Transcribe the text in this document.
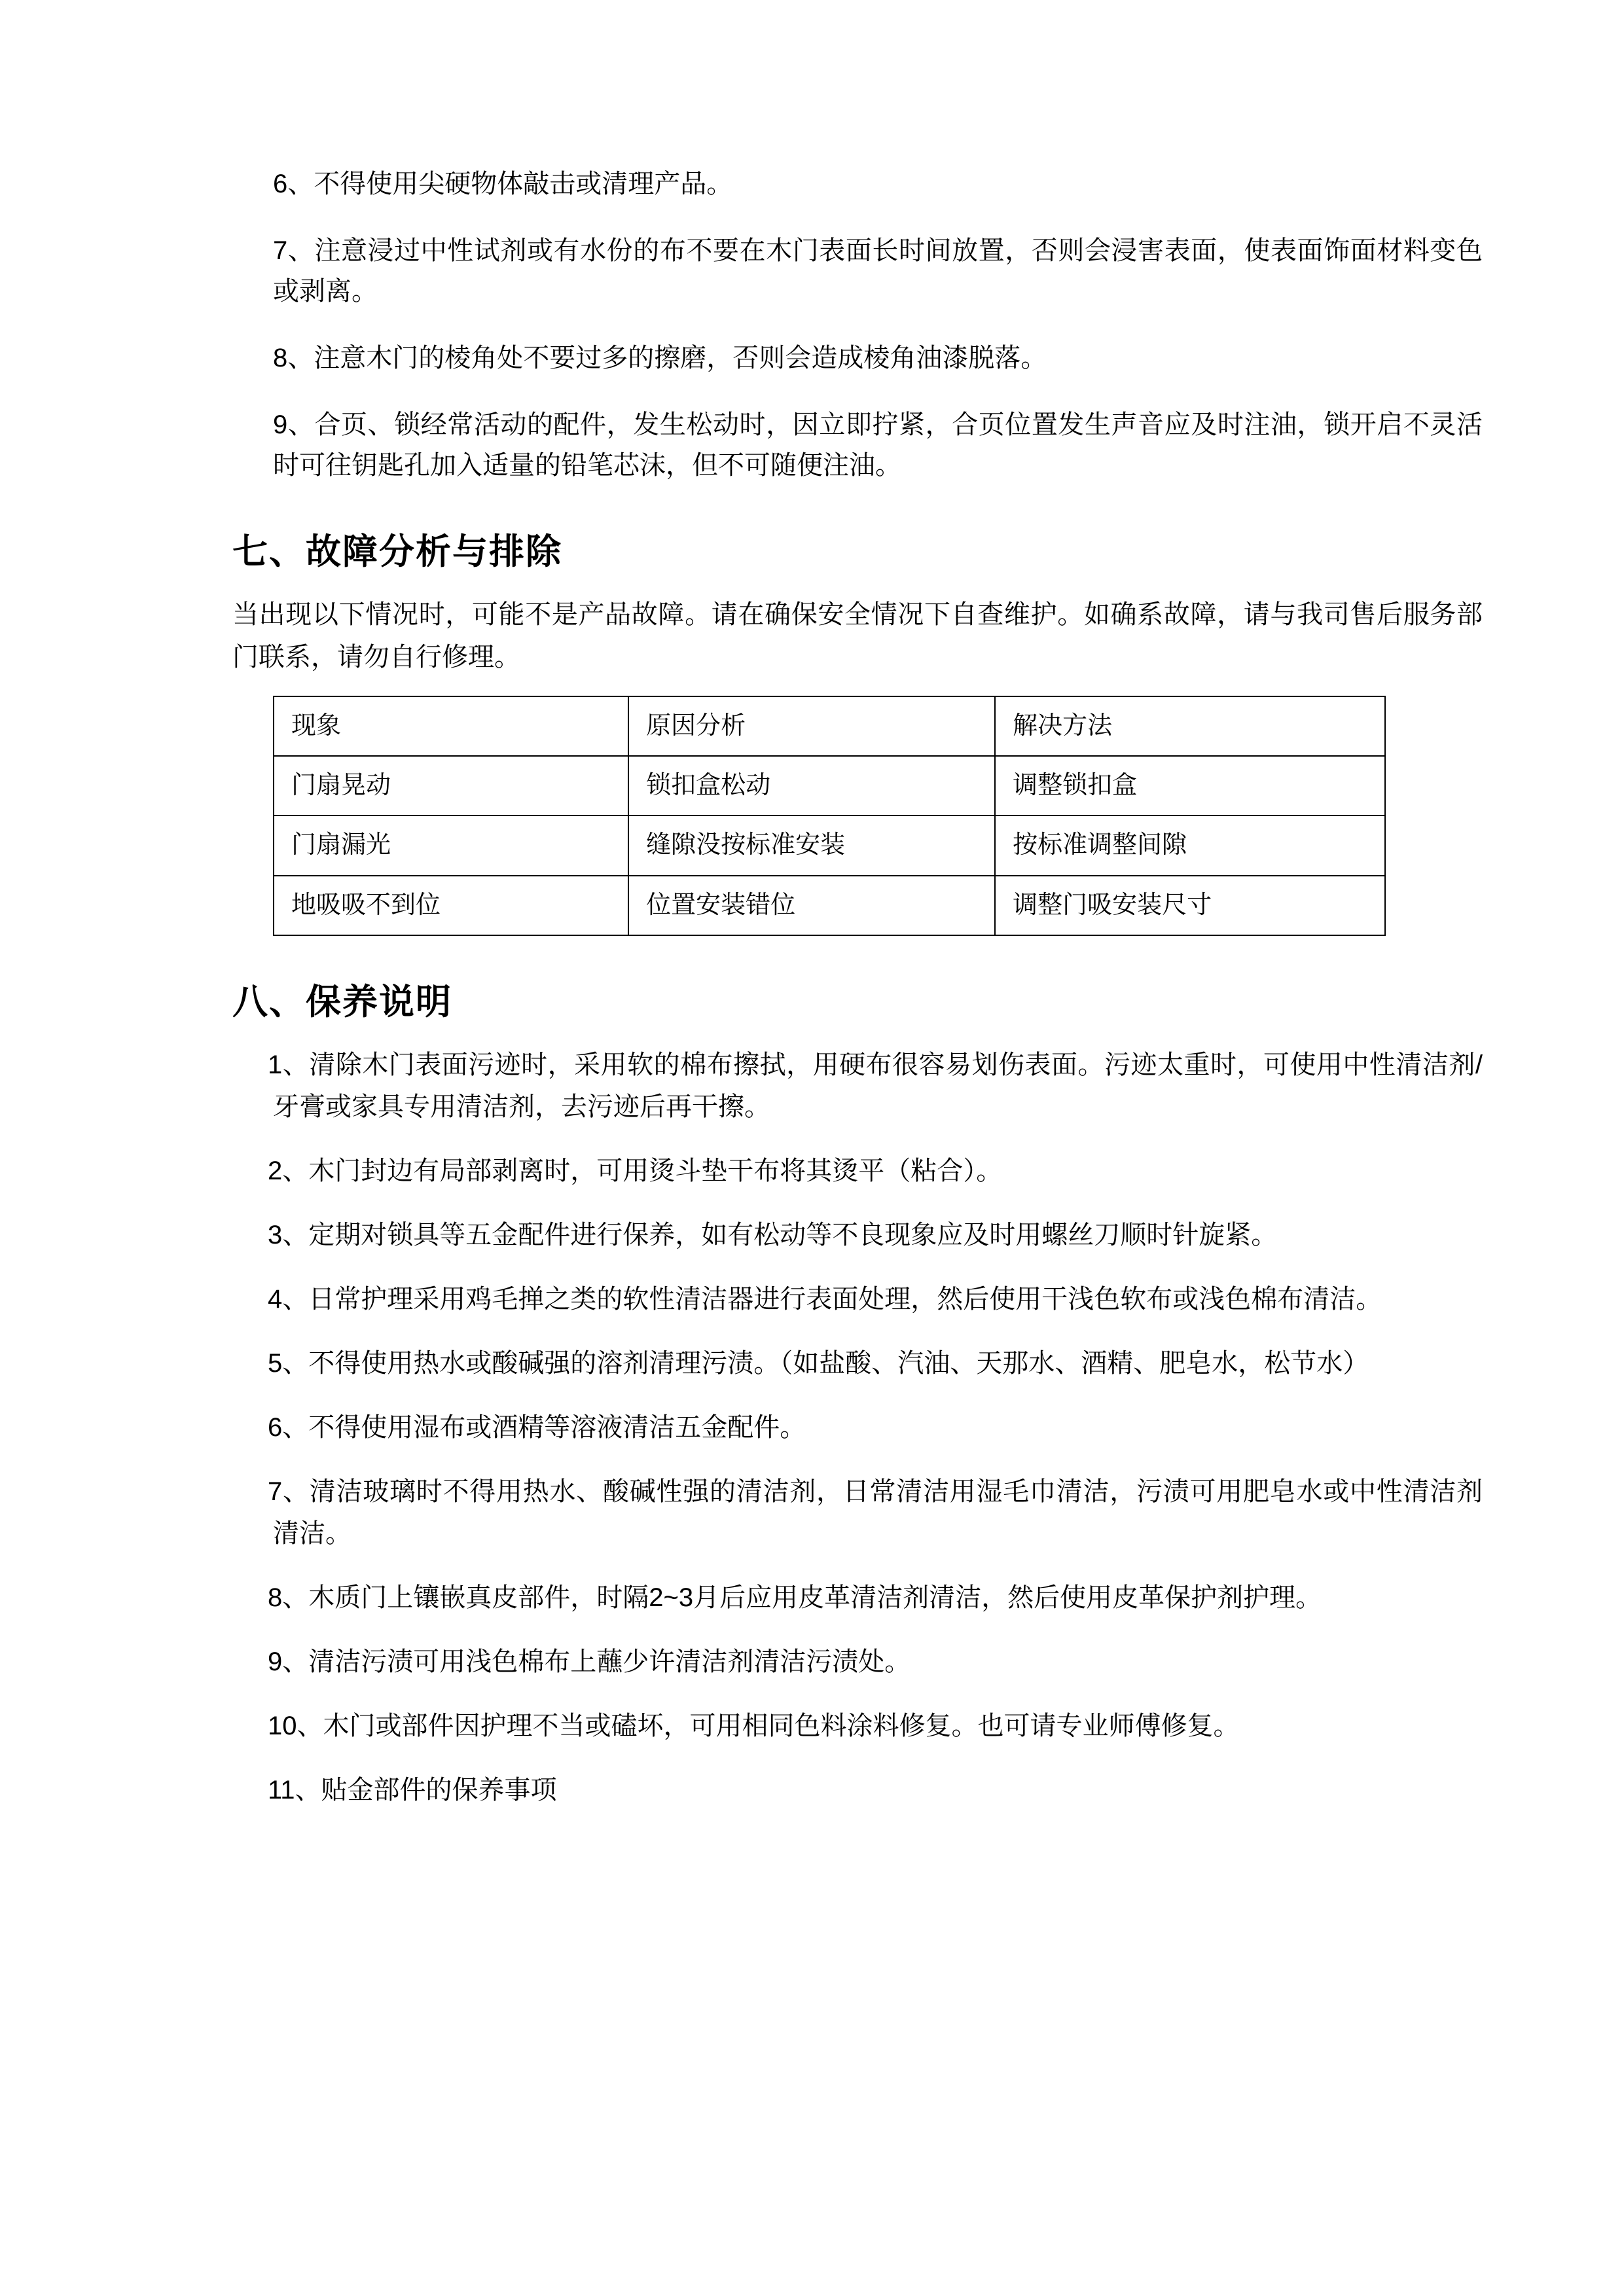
6、不得使用尖硬物体敲击或清理产品。

7、注意浸过中性试剂或有水份的布不要在木门表面长时间放置，否则会浸害表面，使表面饰面材料变色或剥离。

8、注意木门的棱角处不要过多的擦磨，否则会造成棱角油漆脱落。

9、合页、锁经常活动的配件，发生松动时，因立即拧紧，合页位置发生声音应及时注油，锁开启不灵活时可往钥匙孔加入适量的铅笔芯沫，但不可随便注油。

七、故障分析与排除

当出现以下情况时，可能不是产品故障。请在确保安全情况下自查维护。如确系故障，请与我司售后服务部门联系，请勿自行修理。

现象	原因分析	解决方法
门扇晃动	锁扣盒松动	调整锁扣盒
门扇漏光	缝隙没按标准安装	按标准调整间隙
地吸吸不到位	位置安装错位	调整门吸安装尺寸
八、保养说明
1、清除木门表面污迹时，采用软的棉布擦拭，用硬布很容易划伤表面。污迹太重时，可使用中性清洁剂/牙膏或家具专用清洁剂，去污迹后再干擦。
2、木门封边有局部剥离时，可用烫斗垫干布将其烫平（粘合）。
3、定期对锁具等五金配件进行保养，如有松动等不良现象应及时用螺丝刀顺时针旋紧。
4、日常护理采用鸡毛掸之类的软性清洁器进行表面处理，然后使用干浅色软布或浅色棉布清洁。
5、不得使用热水或酸碱强的溶剂清理污渍。（如盐酸、汽油、天那水、酒精、肥皂水，松节水）
6、不得使用湿布或酒精等溶液清洁五金配件。
7、清洁玻璃时不得用热水、酸碱性强的清洁剂，日常清洁用湿毛巾清洁，污渍可用肥皂水或中性清洁剂清洁。
8、木质门上镶嵌真皮部件，时隔2~3月后应用皮革清洁剂清洁，然后使用皮革保护剂护理。
9、清洁污渍可用浅色棉布上蘸少许清洁剂清洁污渍处。
10、木门或部件因护理不当或磕坏，可用相同色料涂料修复。也可请专业师傅修复。
11、贴金部件的保养事项
